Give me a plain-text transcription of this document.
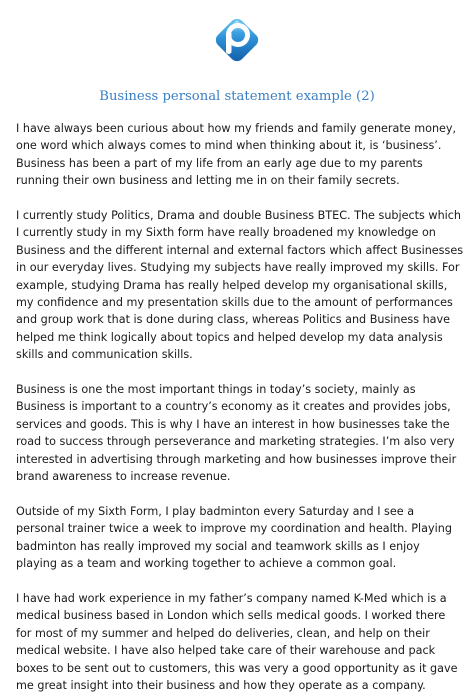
Business personal statement example (2)

I have always been curious about how my friends and family generate money,
one word which always comes to mind when thinking about it, is ‘business’.
Business has been a part of my life from an early age due to my parents
running their own business and letting me in on their family secrets.

I currently study Politics, Drama and double Business BTEC. The subjects which
I currently study in my Sixth form have really broadened my knowledge on
Business and the different internal and external factors which affect Businesses
in our everyday lives. Studying my subjects have really improved my skills. For
example, studying Drama has really helped develop my organisational skills,
my confidence and my presentation skills due to the amount of performances
and group work that is done during class, whereas Politics and Business have
helped me think logically about topics and helped develop my data analysis
skills and communication skills.

Business is one the most important things in today’s society, mainly as
Business is important to a country’s economy as it creates and provides jobs,
services and goods. This is why I have an interest in how businesses take the
road to success through perseverance and marketing strategies. I’m also very
interested in advertising through marketing and how businesses improve their
brand awareness to increase revenue.

Outside of my Sixth Form, I play badminton every Saturday and I see a
personal trainer twice a week to improve my coordination and health. Playing
badminton has really improved my social and teamwork skills as I enjoy
playing as a team and working together to achieve a common goal.

I have had work experience in my father’s company named K-Med which is a
medical business based in London which sells medical goods. I worked there
for most of my summer and helped do deliveries, clean, and help on their
medical website. I have also helped take care of their warehouse and pack
boxes to be sent out to customers, this was very a good opportunity as it gave
me great insight into their business and how they operate as a company.
